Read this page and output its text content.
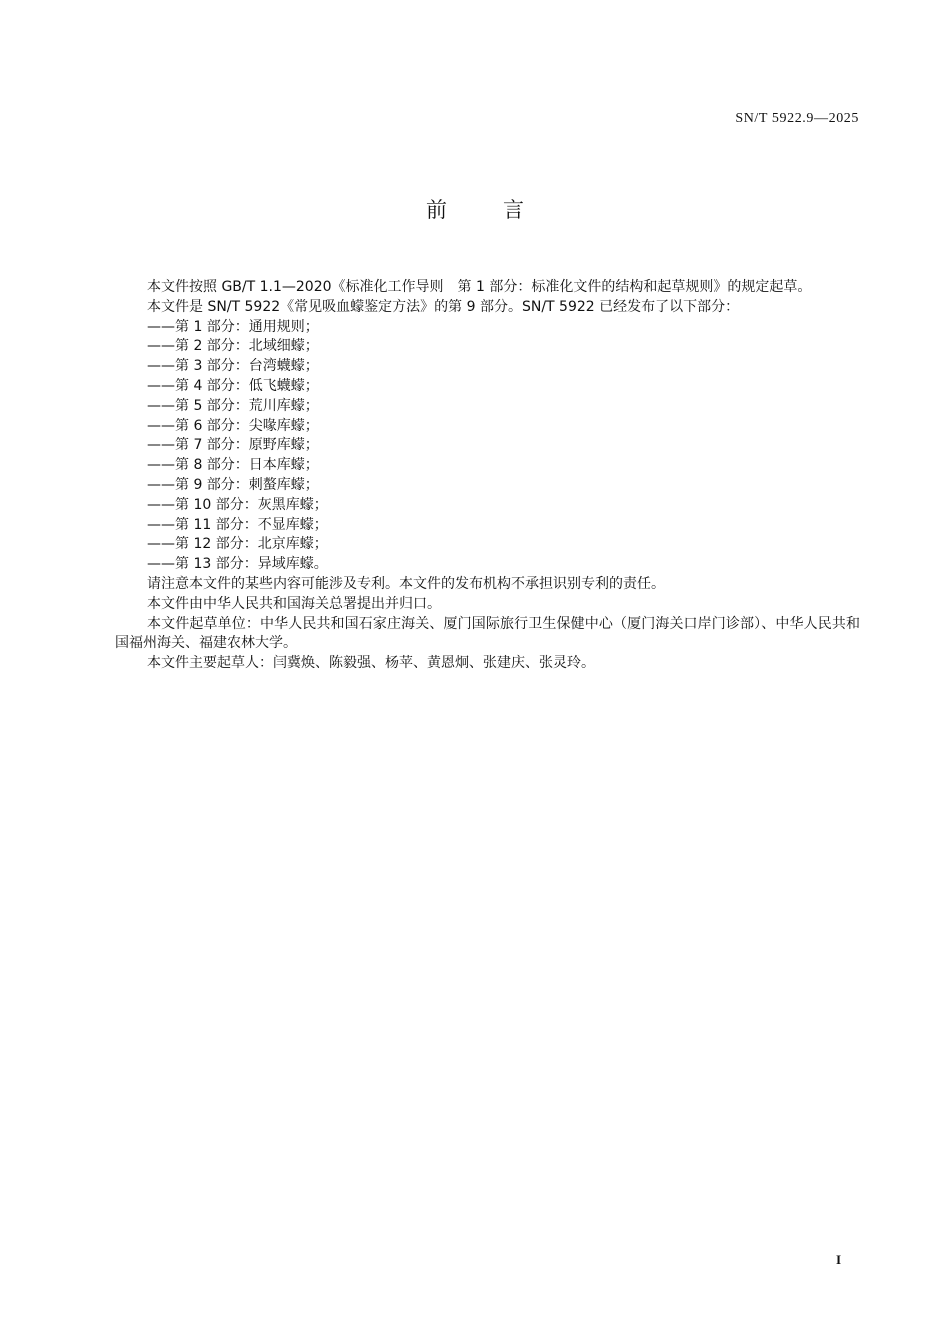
SN/T 5922.9—2025
前言

本文件按照 GB/T 1.1—2020《标准化工作导则　第 1 部分：标准化文件的结构和起草规则》的规定起草。

本文件是 SN/T 5922《常见吸血蠓鉴定方法》的第 9 部分。SN/T 5922 已经发布了以下部分：

——第 1 部分：通用规则；

——第 2 部分：北域细蠓；

——第 3 部分：台湾蠛蠓；

——第 4 部分：低飞蠛蠓；

——第 5 部分：荒川库蠓；

——第 6 部分：尖喙库蠓；

——第 7 部分：原野库蠓；

——第 8 部分：日本库蠓；

——第 9 部分：刺螯库蠓；

——第 10 部分：灰黑库蠓；

——第 11 部分：不显库蠓；

——第 12 部分：北京库蠓；

——第 13 部分：异域库蠓。

请注意本文件的某些内容可能涉及专利。本文件的发布机构不承担识别专利的责任。

本文件由中华人民共和国海关总署提出并归口。

本文件起草单位：中华人民共和国石家庄海关、厦门国际旅行卫生保健中心（厦门海关口岸门诊部）、中华人民共和国福州海关、福建农林大学。

本文件主要起草人：闫冀焕、陈毅强、杨苹、黄恩炯、张建庆、张灵玲。

I
